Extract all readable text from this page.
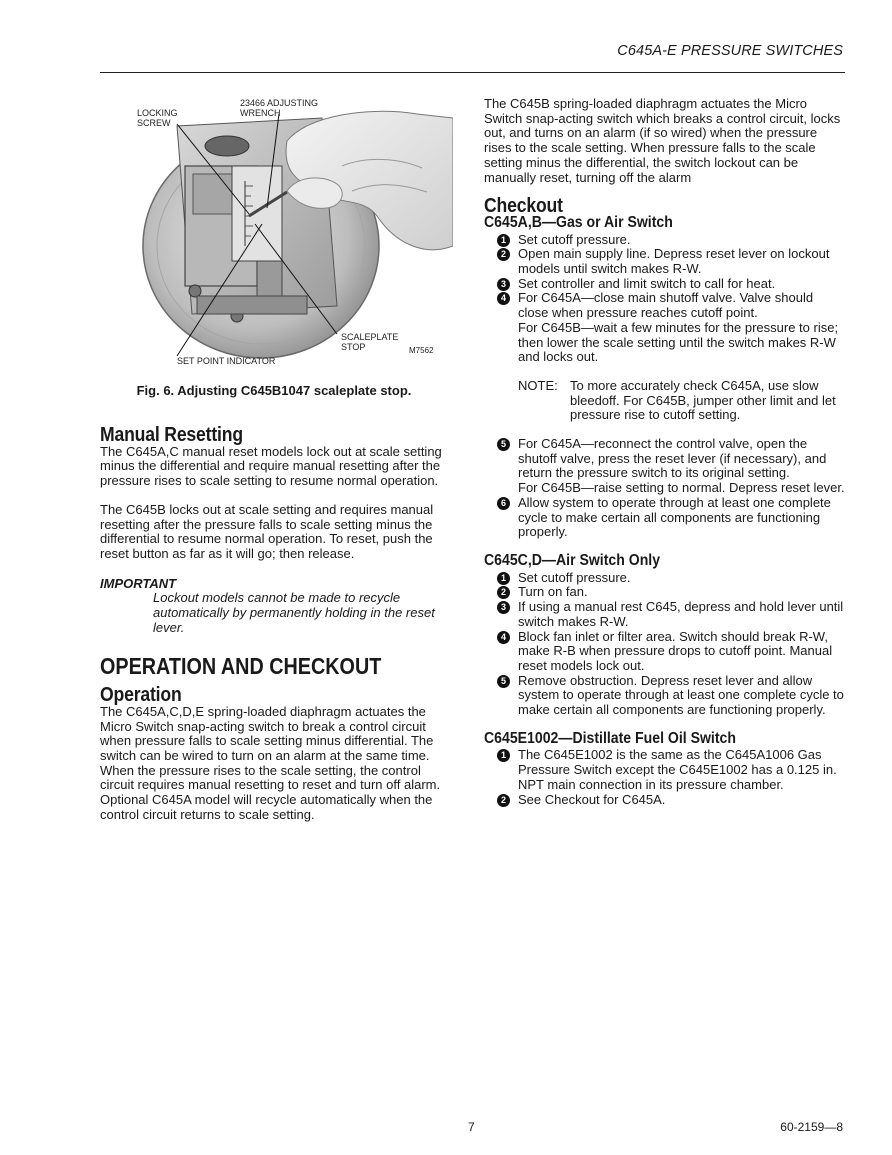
C645A-E PRESSURE SWITCHES
LOCKING
SCREW
23466 ADJUSTING
WRENCH
SCALEPLATE
STOP	M7562
SET POINT INDICATOR
Fig. 6. Adjusting C645B1047 scaleplate stop.
Manual Resetting

The C645A,C manual reset models lock out at scale setting minus the differential and require manual resetting after the pressure rises to scale setting to resume normal operation.

The C645B locks out at scale setting and requires manual resetting after the pressure falls to scale setting minus the differential to resume normal operation. To reset, push the reset button as far as it will go; then release.

IMPORTANT

Lockout models cannot be made to recycle automatically by permanently holding in the reset lever.

OPERATION AND CHECKOUT
Operation

The C645A,C,D,E spring-loaded diaphragm actuates the Micro Switch snap-acting switch to break a control circuit when pressure falls to scale setting minus differential. The switch can be wired to turn on an alarm at the same time. When the pressure rises to the scale setting, the control circuit requires manual resetting to reset and turn off alarm. Optional C645A model will recycle automatically when the control circuit returns to scale setting.

The C645B spring-loaded diaphragm actuates the Micro Switch snap-acting switch which breaks a control circuit, locks out, and turns on an alarm (if so wired) when the pressure rises to the scale setting. When pressure falls to the scale setting minus the differential, the switch lockout can be manually reset, turning off the alarm

Checkout
C645A,B—Gas or Air Switch
1 Set cutoff pressure.
2 Open main supply line. Depress reset lever on lockout models until switch makes R-W.
3 Set controller and limit switch to call for heat.
4 For C645A—close main shutoff valve. Valve should close when pressure reaches cutoff point.
For C645B—wait a few minutes for the pressure to rise; then lower the scale setting until the switch makes R-W and locks out.
NOTE: To more accurately check C645A, use slow bleedoff. For C645B, jumper other limit and let pressure rise to cutoff setting.
5 For C645A—reconnect the control valve, open the shutoff valve, press the reset lever (if necessary), and return the pressure switch to its original setting.
For C645B—raise setting to normal. Depress reset lever.
6 Allow system to operate through at least one complete cycle to make certain all components are functioning properly.
C645C,D—Air Switch Only
1 Set cutoff pressure.
2 Turn on fan.
3 If using a manual rest C645, depress and hold lever until switch makes R-W.
4 Block fan inlet or filter area. Switch should break R-W, make R-B when pressure drops to cutoff point. Manual reset models lock out.
5 Remove obstruction. Depress reset lever and allow system to operate through at least one complete cycle to make certain all components are functioning properly.
C645E1002—Distillate Fuel Oil Switch
1 The C645E1002 is the same as the C645A1006 Gas Pressure Switch except the C645E1002 has a 0.125 in. NPT main connection in its pressure chamber.
2 See Checkout for C645A.
7	60-2159—8
